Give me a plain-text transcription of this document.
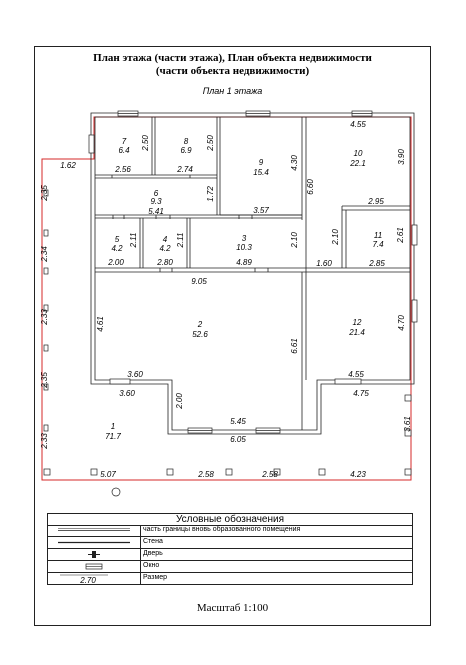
План этажа (части этажа), План объекта недвижимости
(части объекта недвижимости)
План 1 этажа
7
6.4
8
6.9
9
15.4
10
22.1
6
9.3
11
7.4
5
4.2
4
4.2
3
10.3
2
52.6
12
21.4
1
71.7
4.55
1.62
2.50	2.50
2.56	2.74	4.30	3.90
1.72
5.41	3.57
6.60
2.95
2.11	2.11	2.10	2.10	2.61
2.00	2.80	4.89	1.60	2.85
9.05
4.61
6.61
4.70
3.60
3.60	2.00
4.55
4.75
5.45
6.05
3.61
5.07	2.58	2.58	4.23
2.35
2.34
2.33
2.35
2.33
Условные обозначения
часть границы вновь образованного помещения
Стена
Дверь
Окно
2.70	Размер
Масштаб 1:100
